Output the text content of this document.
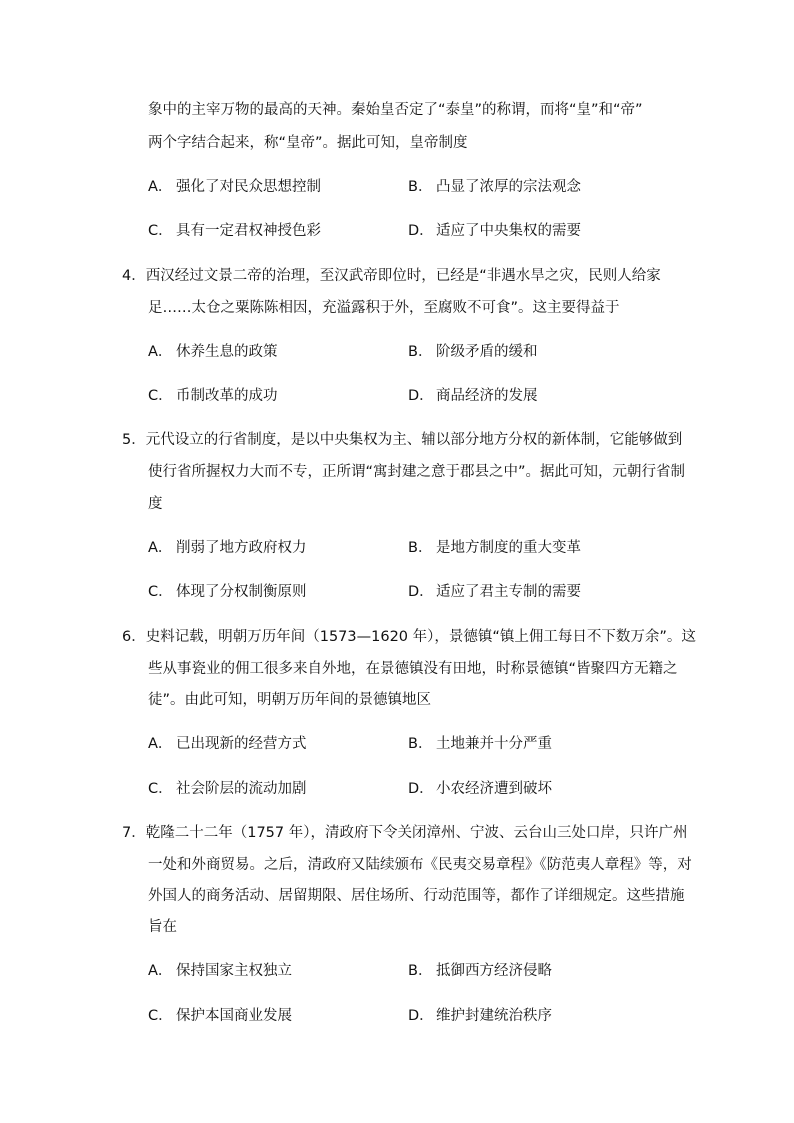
象中的主宰万物的最高的天神。秦始皇否定了“泰皇”的称谓，而将“皇”和“帝”
两个字结合起来，称“皇帝”。据此可知，皇帝制度
A． 强化了对民众思想控制	B． 凸显了浓厚的宗法观念
C． 具有一定君权神授色彩	D． 适应了中央集权的需要
4．西汉经过文景二帝的治理，至汉武帝即位时，已经是“非遇水旱之灾，民则人给家
足……太仓之粟陈陈相因，充溢露积于外，至腐败不可食”。这主要得益于
A． 休养生息的政策	B． 阶级矛盾的缓和
C． 币制改革的成功	D． 商品经济的发展
5．元代设立的行省制度，是以中央集权为主、辅以部分地方分权的新体制，它能够做到
使行省所握权力大而不专，正所谓“寓封建之意于郡县之中”。据此可知，元朝行省制
度
A． 削弱了地方政府权力	B． 是地方制度的重大变革
C． 体现了分权制衡原则	D． 适应了君主专制的需要
6．史料记载，明朝万历年间（1573—1620 年），景德镇“镇上佣工每日不下数万余”。这
些从事瓷业的佣工很多来自外地，在景德镇没有田地，时称景德镇“皆聚四方无籍之
徒”。由此可知，明朝万历年间的景德镇地区
A． 已出现新的经营方式	B． 土地兼并十分严重
C． 社会阶层的流动加剧	D． 小农经济遭到破坏
7．乾隆二十二年（1757 年），清政府下令关闭漳州、宁波、云台山三处口岸，只许广州
一处和外商贸易。之后，清政府又陆续颁布《民夷交易章程》《防范夷人章程》等，对
外国人的商务活动、居留期限、居住场所、行动范围等，都作了详细规定。这些措施
旨在
A． 保持国家主权独立	B． 抵御西方经济侵略
C． 保护本国商业发展	D． 维护封建统治秩序
